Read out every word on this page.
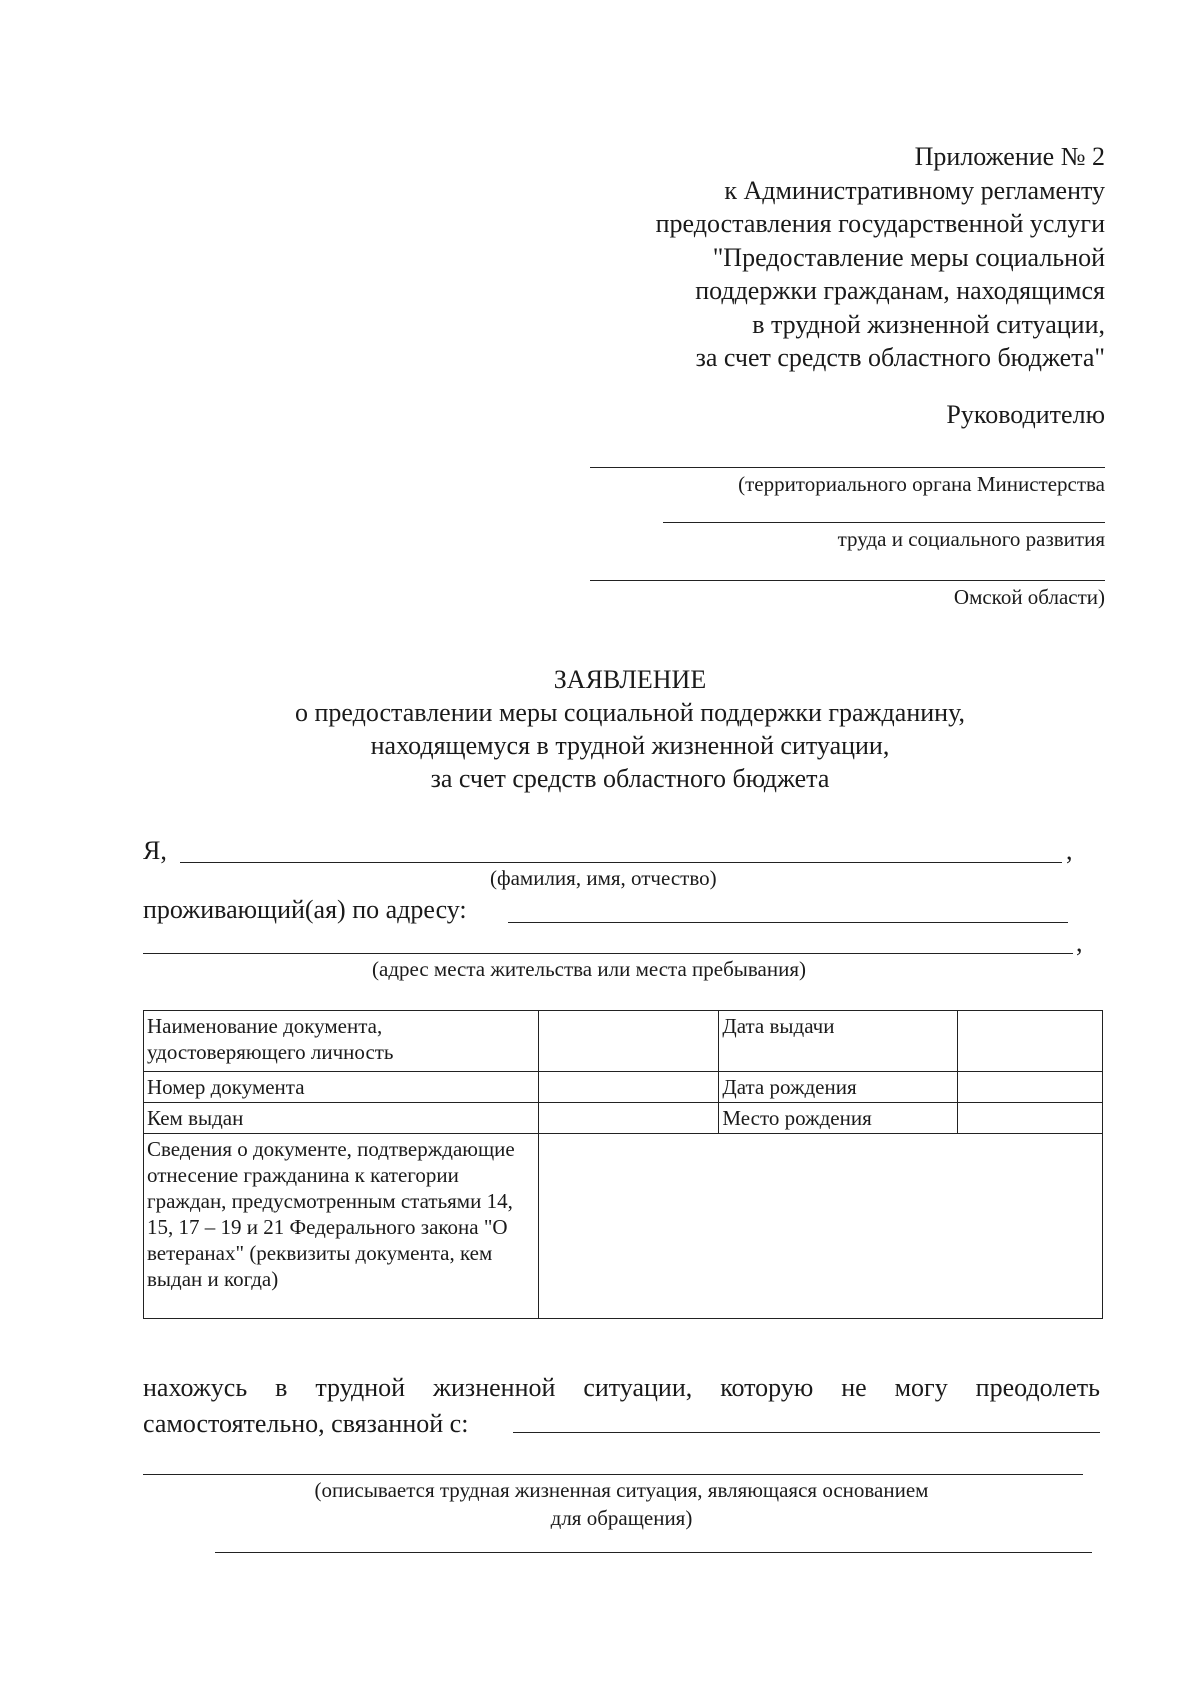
Приложение № 2
к Административному регламенту
предоставления государственной услуги
"Предоставление меры социальной
поддержки гражданам, находящимся
в трудной жизненной ситуации,
за счет средств областного бюджета"
Руководителю
(территориального органа Министерства
труда и социального развития
Омской области)
ЗАЯВЛЕНИЕ
о предоставлении меры социальной поддержки гражданину,
находящемуся в трудной жизненной ситуации,
за счет средств областного бюджета
Я,	,
(фамилия, имя, отчество)
проживающий(ая) по адресу:
,
(адрес места жительства или места пребывания)
Наименование документа, удостоверяющего личность		Дата выдачи	
Номер документа		Дата рождения	
Кем выдан		Место рождения	
Сведения о документе, подтверждающие отнесение гражданина к категории граждан, предусмотренным статьями 14, 15, 17 – 19 и 21 Федерального закона "О ветеранах" (реквизиты документа, кем выдан и когда)			
нахожусь в трудной жизненной ситуации, которую не могу преодолеть
самостоятельно, связанной с:
(описывается трудная жизненная ситуация, являющаяся основанием
для обращения)
